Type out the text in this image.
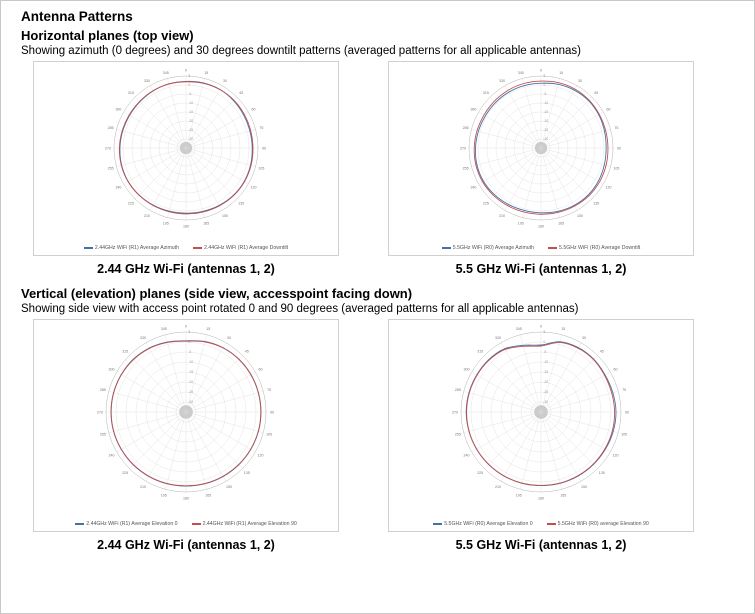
Antenna Patterns
Horizontal planes (top view)
Showing azimuth (0 degrees) and 30 degrees downtilt patterns (averaged patterns for all applicable antennas)
0
15
30
45
60
75
90
105
120
135
150
165
180
195
210
225
240
255
270
285
300
315
330
345
-30
-25
-20
-15
-10
-5
0
5
2.44GHz WiFi (R1) Average Azimuth	2.44GHz WiFi (R1) Average Downtilt
2.44 GHz Wi-Fi (antennas 1, 2)
0
15
30
45
60
75
90
105
120
135
150
165
180
195
210
225
240
255
270
285
300
315
330
345
-30
-25
-20
-15
-10
-5
0
5
5.5GHz WiFi (R0) Average Azimuth	5.5GHz WiFi (R0) Average Downtilt
5.5 GHz Wi-Fi (antennas 1, 2)
Vertical (elevation) planes (side view, accesspoint facing down)
Showing side view with access point rotated 0 and 90 degrees (averaged patterns for all applicable antennas)
0
15
30
45
60
75
90
105
120
135
150
165
180
195
210
225
240
255
270
285
300
315
330
345
-30
-25
-20
-15
-10
-5
0
5
2.44GHz WiFi (R1) Average Elevation 0	2.44GHz WiFi (R1) Average Elevation 90
2.44 GHz Wi-Fi (antennas 1, 2)
0
15
30
45
60
75
90
105
120
135
150
165
180
195
210
225
240
255
270
285
300
315
330
345
-30
-25
-20
-15
-10
-5
0
5
5.5GHz WiFi (R0) Average Elevation 0	5.5GHz WiFi (R0) average Elevation 90
5.5 GHz Wi-Fi (antennas 1, 2)
